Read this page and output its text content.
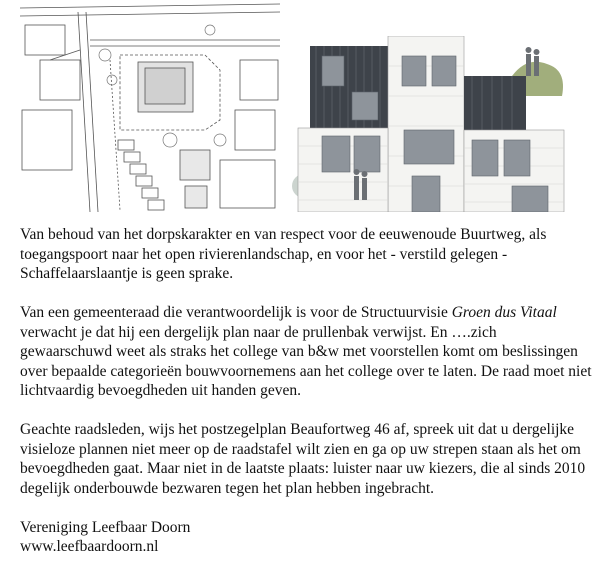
Van behoud van het dorpskarakter en van respect voor de eeuwenoude Buurtweg, als toegangspoort naar het open rivierenlandschap, en voor het - verstild gelegen - Schaffelaarslaantje is geen sprake.

Van een gemeenteraad die verantwoordelijk is voor de Structuurvisie Groen dus Vitaal verwacht je dat hij een dergelijk plan naar de prullenbak verwijst. En ….zich gewaarschuwd weet als straks het college van b&w met voorstellen komt om beslissingen over bepaalde categorieën bouwvoornemens aan het college over te laten. De raad moet niet lichtvaardig bevoegdheden uit handen geven.

Geachte raadsleden, wijs het postzegelplan Beaufortweg 46 af, spreek uit dat u dergelijke visieloze plannen niet meer op de raadstafel wilt zien en ga op uw strepen staan als het om bevoegdheden gaat. Maar niet in de laatste plaats: luister naar uw kiezers, die al sinds 2010 degelijk onderbouwde bezwaren tegen het plan hebben ingebracht.

Vereniging Leefbaar Doorn
www.leefbaardoorn.nl
